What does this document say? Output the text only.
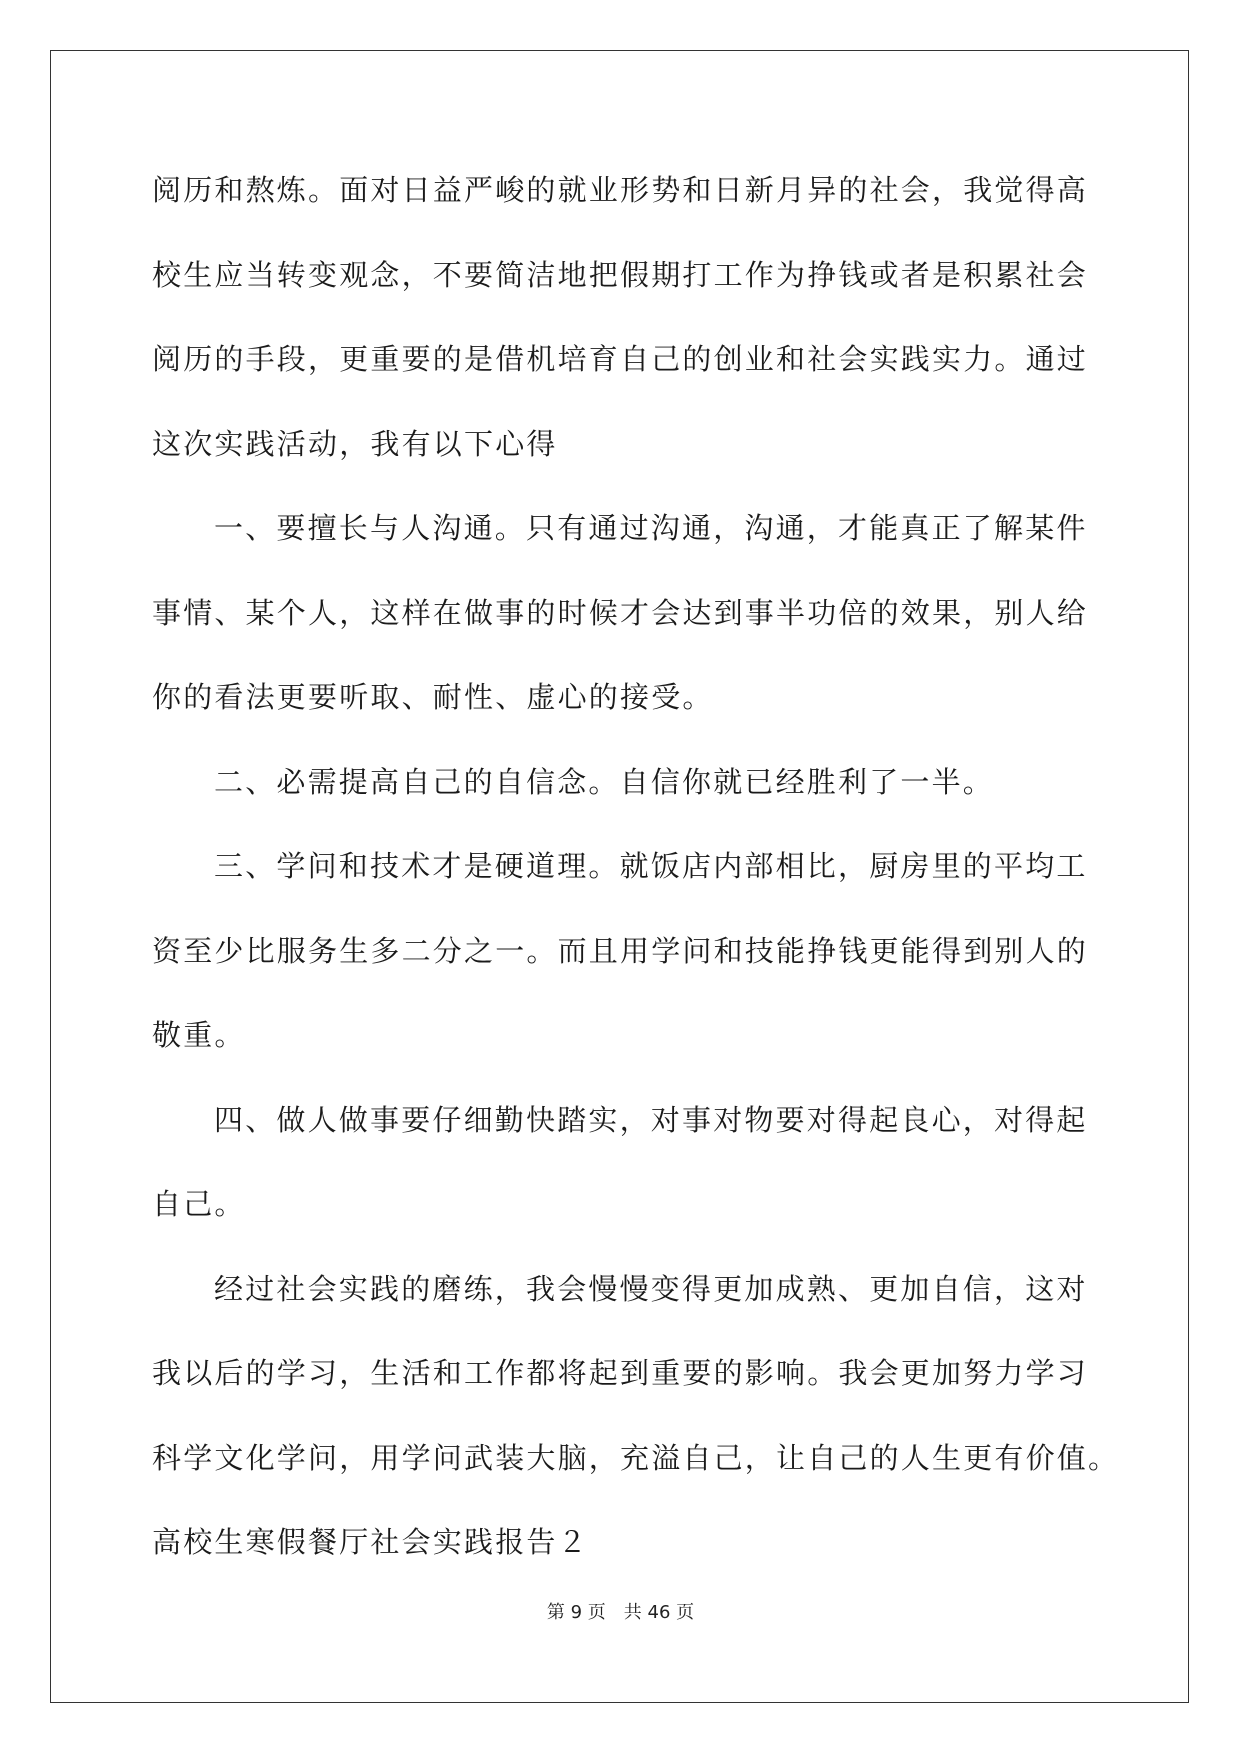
阅历和熬炼。面对日益严峻的就业形势和日新月异的社会，我觉得高
校生应当转变观念，不要简洁地把假期打工作为挣钱或者是积累社会
阅历的手段，更重要的是借机培育自己的创业和社会实践实力。通过
这次实践活动，我有以下心得
一、要擅长与人沟通。只有通过沟通，沟通，才能真正了解某件
事情、某个人，这样在做事的时候才会达到事半功倍的效果，别人给
你的看法更要听取、耐性、虚心的接受。
二、必需提高自己的自信念。自信你就已经胜利了一半。
三、学问和技术才是硬道理。就饭店内部相比，厨房里的平均工
资至少比服务生多二分之一。而且用学问和技能挣钱更能得到别人的
敬重。
四、做人做事要仔细勤快踏实，对事对物要对得起良心，对得起
自己。
经过社会实践的磨练，我会慢慢变得更加成熟、更加自信，这对
我以后的学习，生活和工作都将起到重要的影响。我会更加努力学习
科学文化学问，用学问武装大脑，充溢自己，让自己的人生更有价值。
高校生寒假餐厅社会实践报告２
第 9 页 共 46 页
